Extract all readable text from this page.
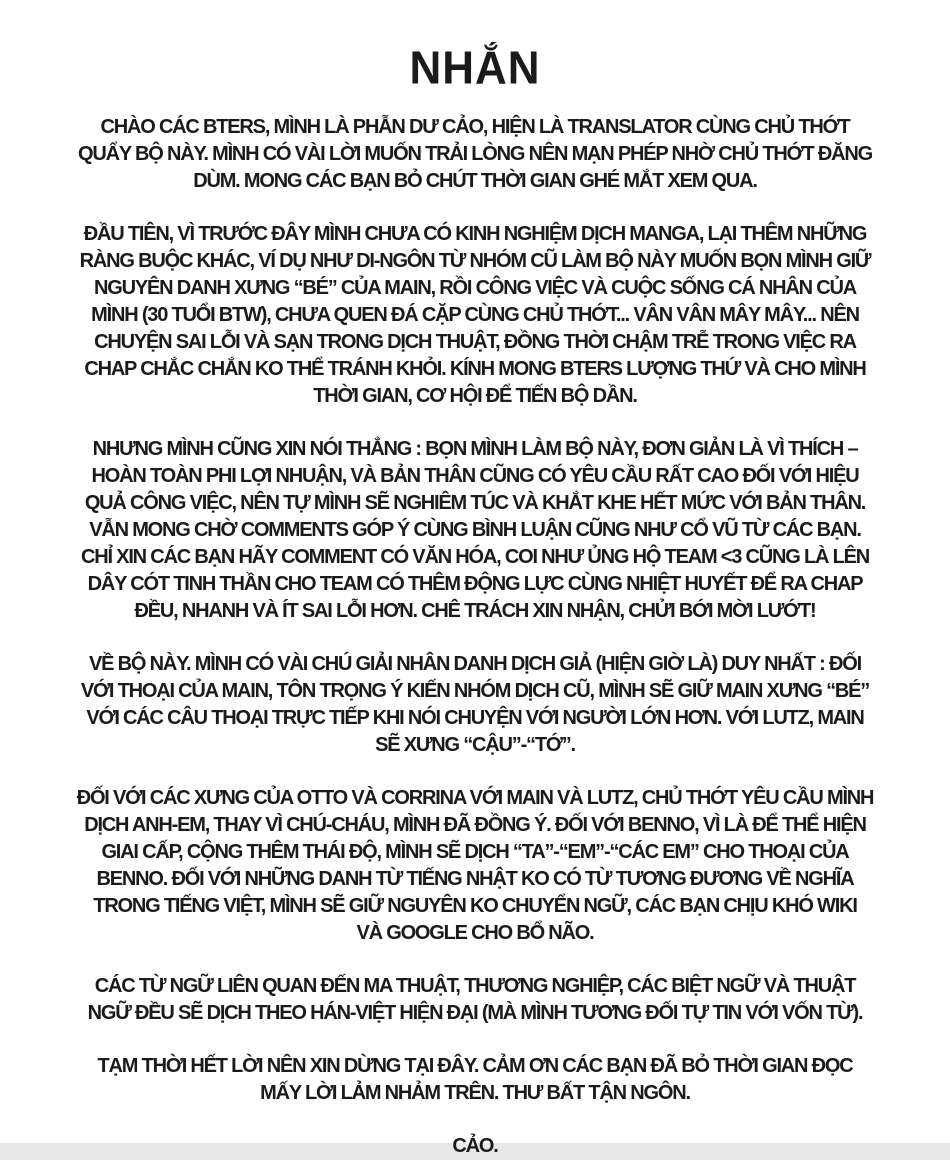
NHẮN
CHÀO CÁC BTERS, MÌNH LÀ PHẪN DƯ CẢO, HIỆN LÀ TRANSLATOR CÙNG CHỦ THỚT
QUẨY BỘ NÀY. MÌNH CÓ VÀI LỜI MUỐN TRẢI LÒNG NÊN MẠN PHÉP NHỜ CHỦ THỚT ĐĂNG
DÙM. MONG CÁC BẠN BỎ CHÚT THỜI GIAN GHÉ MẮT XEM QUA.
ĐẦU TIÊN, VÌ TRƯỚC ĐÂY MÌNH CHƯA CÓ KINH NGHIỆM DỊCH MANGA, LẠI THÊM NHỮNG
RÀNG BUỘC KHÁC, VÍ DỤ NHƯ DI-NGÔN TỪ NHÓM CŨ LÀM BỘ NÀY MUỐN BỌN MÌNH GIỮ
NGUYÊN DANH XƯNG “BÉ” CỦA MAIN, RỒI CÔNG VIỆC VÀ CUỘC SỐNG CÁ NHÂN CỦA
MÌNH (30 TUỔI BTW), CHƯA QUEN ĐÁ CẶP CÙNG CHỦ THỚT... VÂN VÂN MÂY MÂY... NÊN
CHUYỆN SAI LỖI VÀ SẠN TRONG DỊCH THUẬT, ĐỒNG THỜI CHẬM TRỄ TRONG VIỆC RA
CHAP CHẮC CHẮN KO THỂ TRÁNH KHỎI. KÍNH MONG BTERS LƯỢNG THỨ VÀ CHO MÌNH
THỜI GIAN, CƠ HỘI ĐỂ TIẾN BỘ DẦN.
NHƯNG MÌNH CŨNG XIN NÓI THẲNG : BỌN MÌNH LÀM BỘ NÀY, ĐƠN GIẢN LÀ VÌ THÍCH –
HOÀN TOÀN PHI LỢI NHUẬN, VÀ BẢN THÂN CŨNG CÓ YÊU CẦU RẤT CAO ĐỐI VỚI HIỆU
QUẢ CÔNG VIỆC, NÊN TỰ MÌNH SẼ NGHIÊM TÚC VÀ KHẮT KHE HẾT MỨC VỚI BẢN THÂN.
VẪN MONG CHỜ COMMENTS GÓP Ý CÙNG BÌNH LUẬN CŨNG NHƯ CỔ VŨ TỪ CÁC BẠN.
CHỈ XIN CÁC BẠN HÃY COMMENT CÓ VĂN HÓA, COI NHƯ ỦNG HỘ TEAM <3 CŨNG LÀ LÊN
DÂY CÓT TINH THẦN CHO TEAM CÓ THÊM ĐỘNG LỰC CÙNG NHIỆT HUYẾT ĐỂ RA CHAP
ĐỀU, NHANH VÀ ÍT SAI LỖI HƠN. CHÊ TRÁCH XIN NHẬN, CHỬI BỚI MỜI LƯỚT!
VỀ BỘ NÀY. MÌNH CÓ VÀI CHÚ GIẢI NHÂN DANH DỊCH GIẢ (HIỆN GIỜ LÀ) DUY NHẤT : ĐỐI
VỚI THOẠI CỦA MAIN, TÔN TRỌNG Ý KIẾN NHÓM DỊCH CŨ, MÌNH SẼ GIỮ MAIN XƯNG “BÉ”
VỚI CÁC CÂU THOẠI TRỰC TIẾP KHI NÓI CHUYỆN VỚI NGƯỜI LỚN HƠN. VỚI LUTZ, MAIN
SẼ XƯNG “CẬU”-“TỚ”.
ĐỐI VỚI CÁC XƯNG CỦA OTTO VÀ CORRINA VỚI MAIN VÀ LUTZ, CHỦ THỚT YÊU CẦU MÌNH
DỊCH ANH-EM, THAY VÌ CHÚ-CHÁU, MÌNH ĐÃ ĐỒNG Ý. ĐỐI VỚI BENNO, VÌ LÀ ĐỂ THỂ HIỆN
GIAI CẤP, CỘNG THÊM THÁI ĐỘ, MÌNH SẼ DỊCH “TA”-“EM”-“CÁC EM” CHO THOẠI CỦA
BENNO. ĐỐI VỚI NHỮNG DANH TỪ TIẾNG NHẬT KO CÓ TỪ TƯƠNG ĐƯƠNG VỀ NGHĨA
TRONG TIẾNG VIỆT, MÌNH SẼ GIỮ NGUYÊN KO CHUYỂN NGỮ, CÁC BẠN CHỊU KHÓ WIKI
VÀ GOOGLE CHO BỔ NÃO.
CÁC TỪ NGỮ LIÊN QUAN ĐẾN MA THUẬT, THƯƠNG NGHIỆP, CÁC BIỆT NGỮ VÀ THUẬT
NGỮ ĐỀU SẼ DỊCH THEO HÁN-VIỆT HIỆN ĐẠI (MÀ MÌNH TƯƠNG ĐỐI TỰ TIN VỚI VỐN TỪ).
TẠM THỜI HẾT LỜI NÊN XIN DỪNG TẠI ĐÂY. CẢM ƠN CÁC BẠN ĐÃ BỎ THỜI GIAN ĐỌC
MẤY LỜI LẢM NHẢM TRÊN. THƯ BẤT TẬN NGÔN.
CẢO.
